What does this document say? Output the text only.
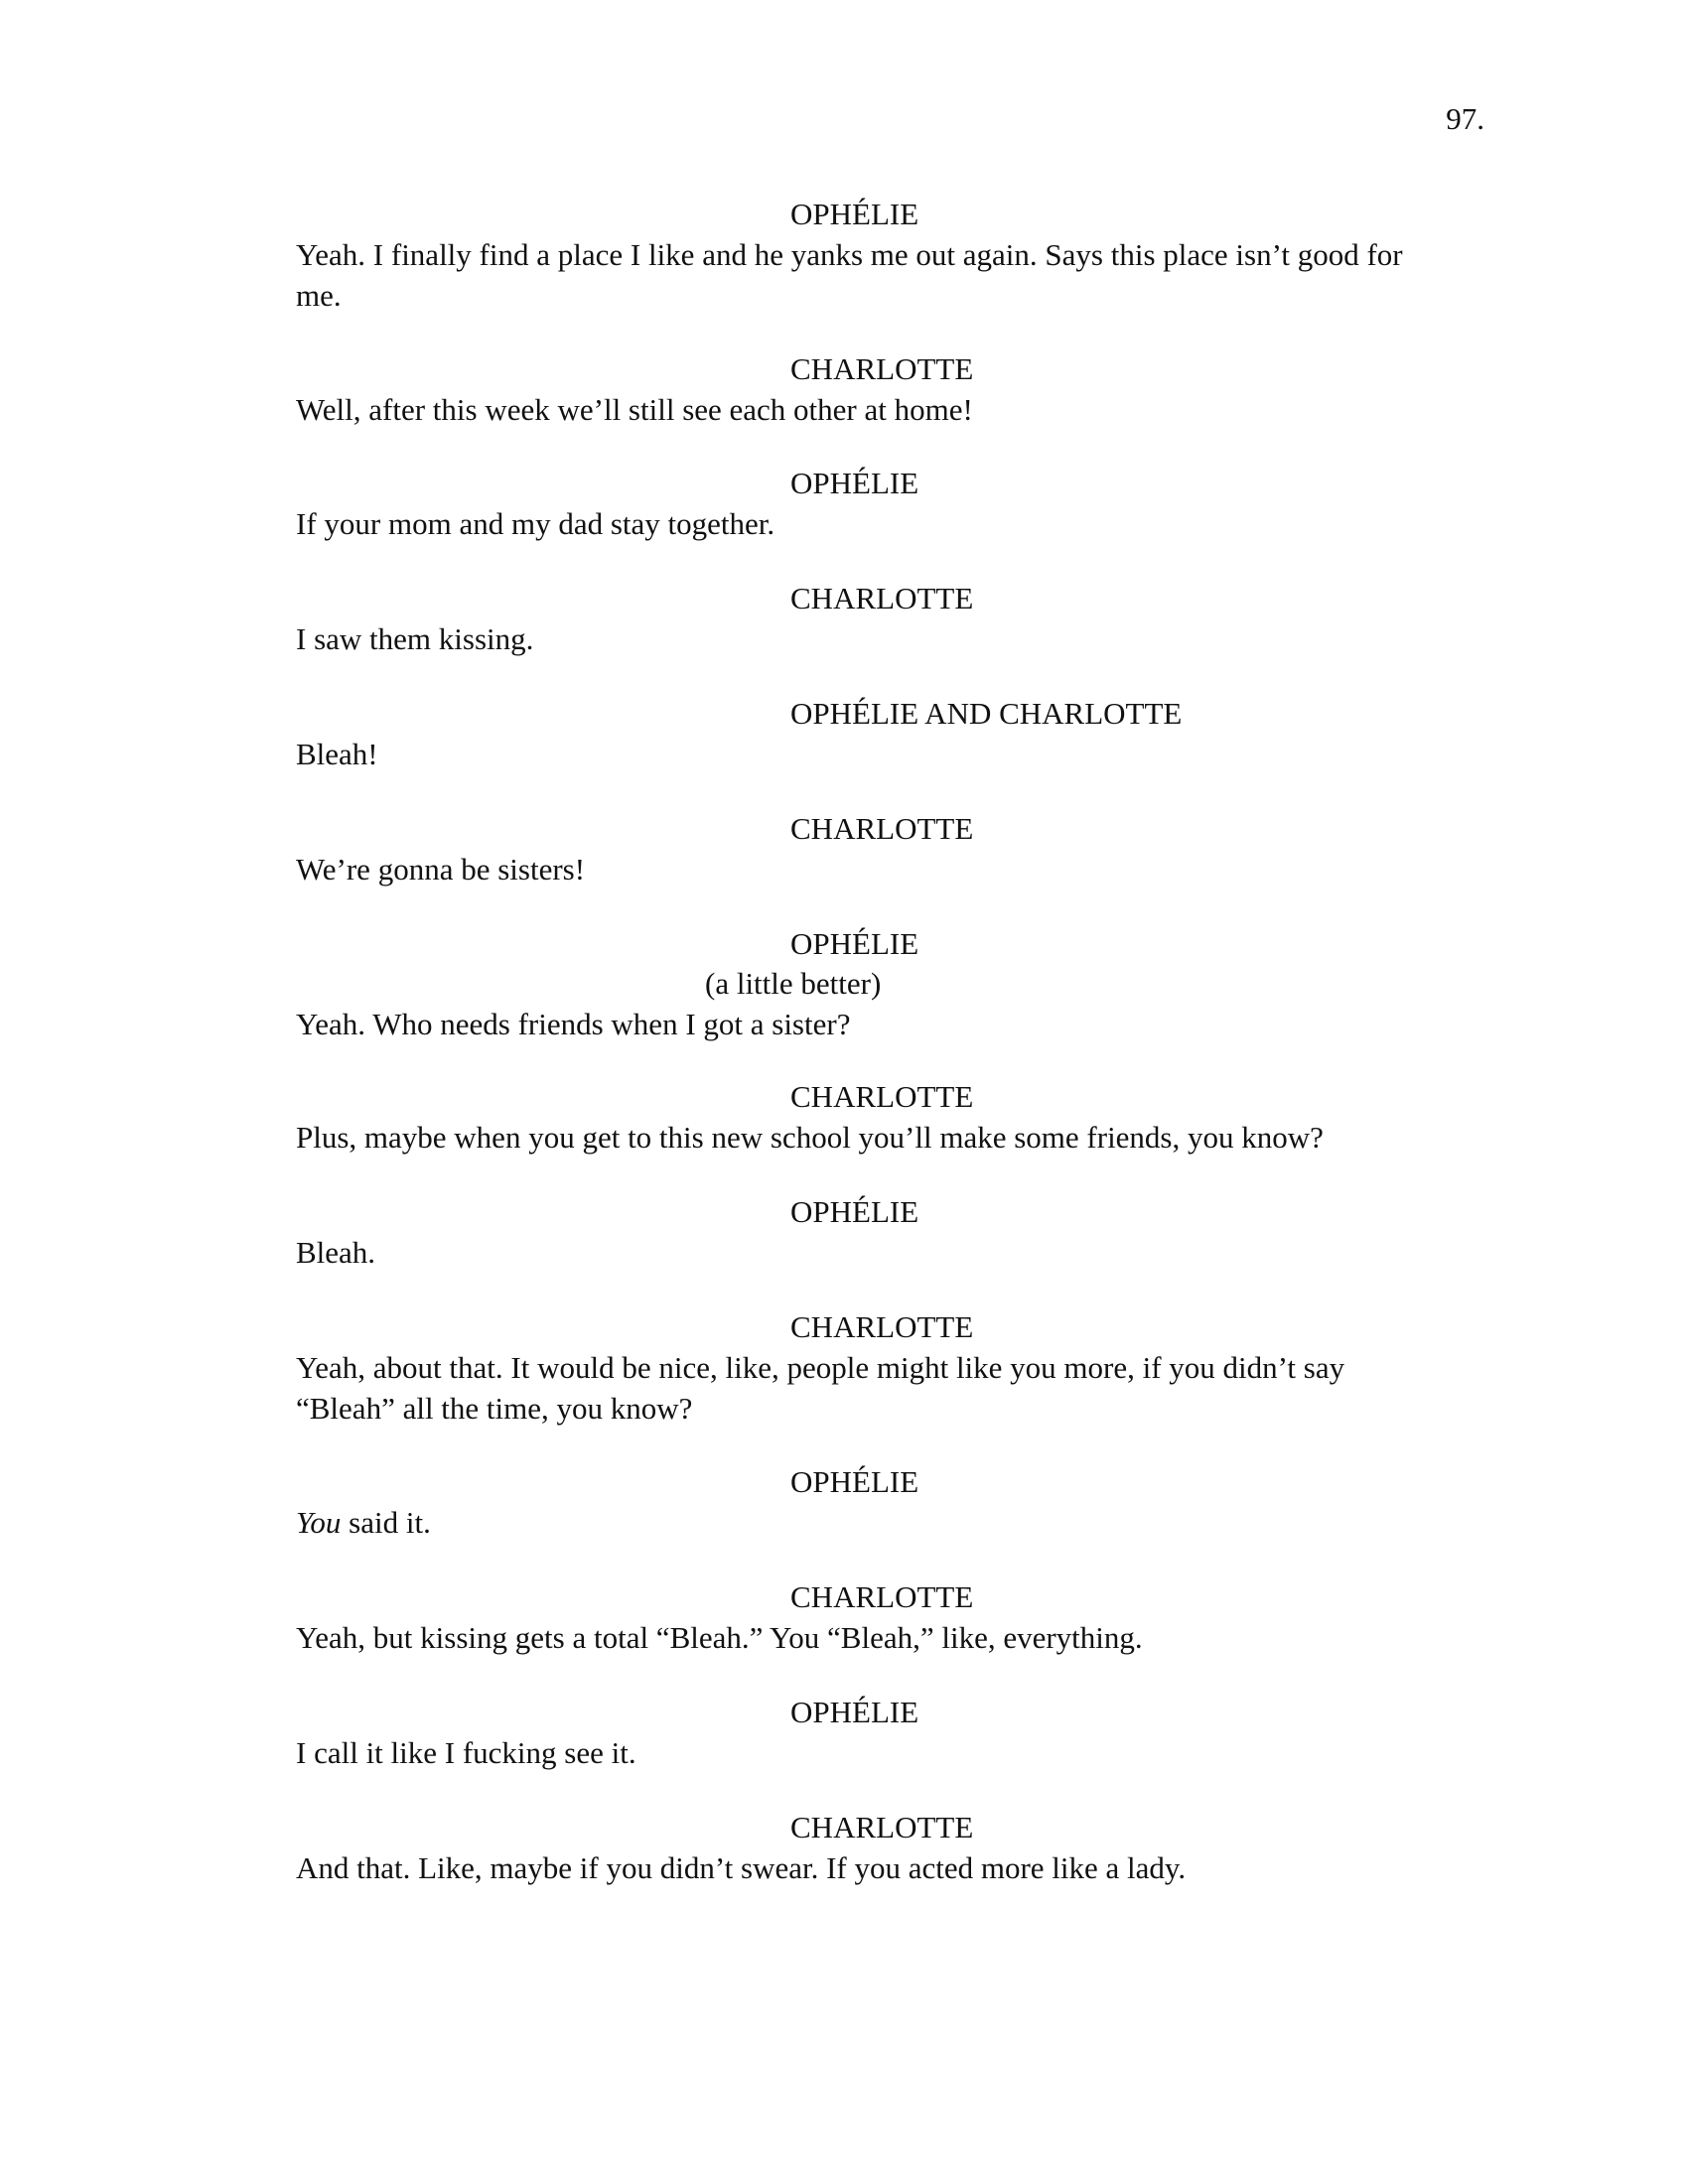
97.
OPHÉLIE
Yeah. I finally find a place I like and he yanks me out again. Says this place isn’t good for
me.
CHARLOTTE
Well, after this week we’ll still see each other at home!
OPHÉLIE
If your mom and my dad stay together.
CHARLOTTE
I saw them kissing.
OPHÉLIE AND CHARLOTTE
Bleah!
CHARLOTTE
We’re gonna be sisters!
OPHÉLIE
(a little better)
Yeah. Who needs friends when I got a sister?
CHARLOTTE
Plus, maybe when you get to this new school you’ll make some friends, you know?
OPHÉLIE
Bleah.
CHARLOTTE
Yeah, about that. It would be nice, like, people might like you more, if you didn’t say
“Bleah” all the time, you know?
OPHÉLIE
You said it.
CHARLOTTE
Yeah, but kissing gets a total “Bleah.” You “Bleah,” like, everything.
OPHÉLIE
I call it like I fucking see it.
CHARLOTTE
And that. Like, maybe if you didn’t swear. If you acted more like a lady.
